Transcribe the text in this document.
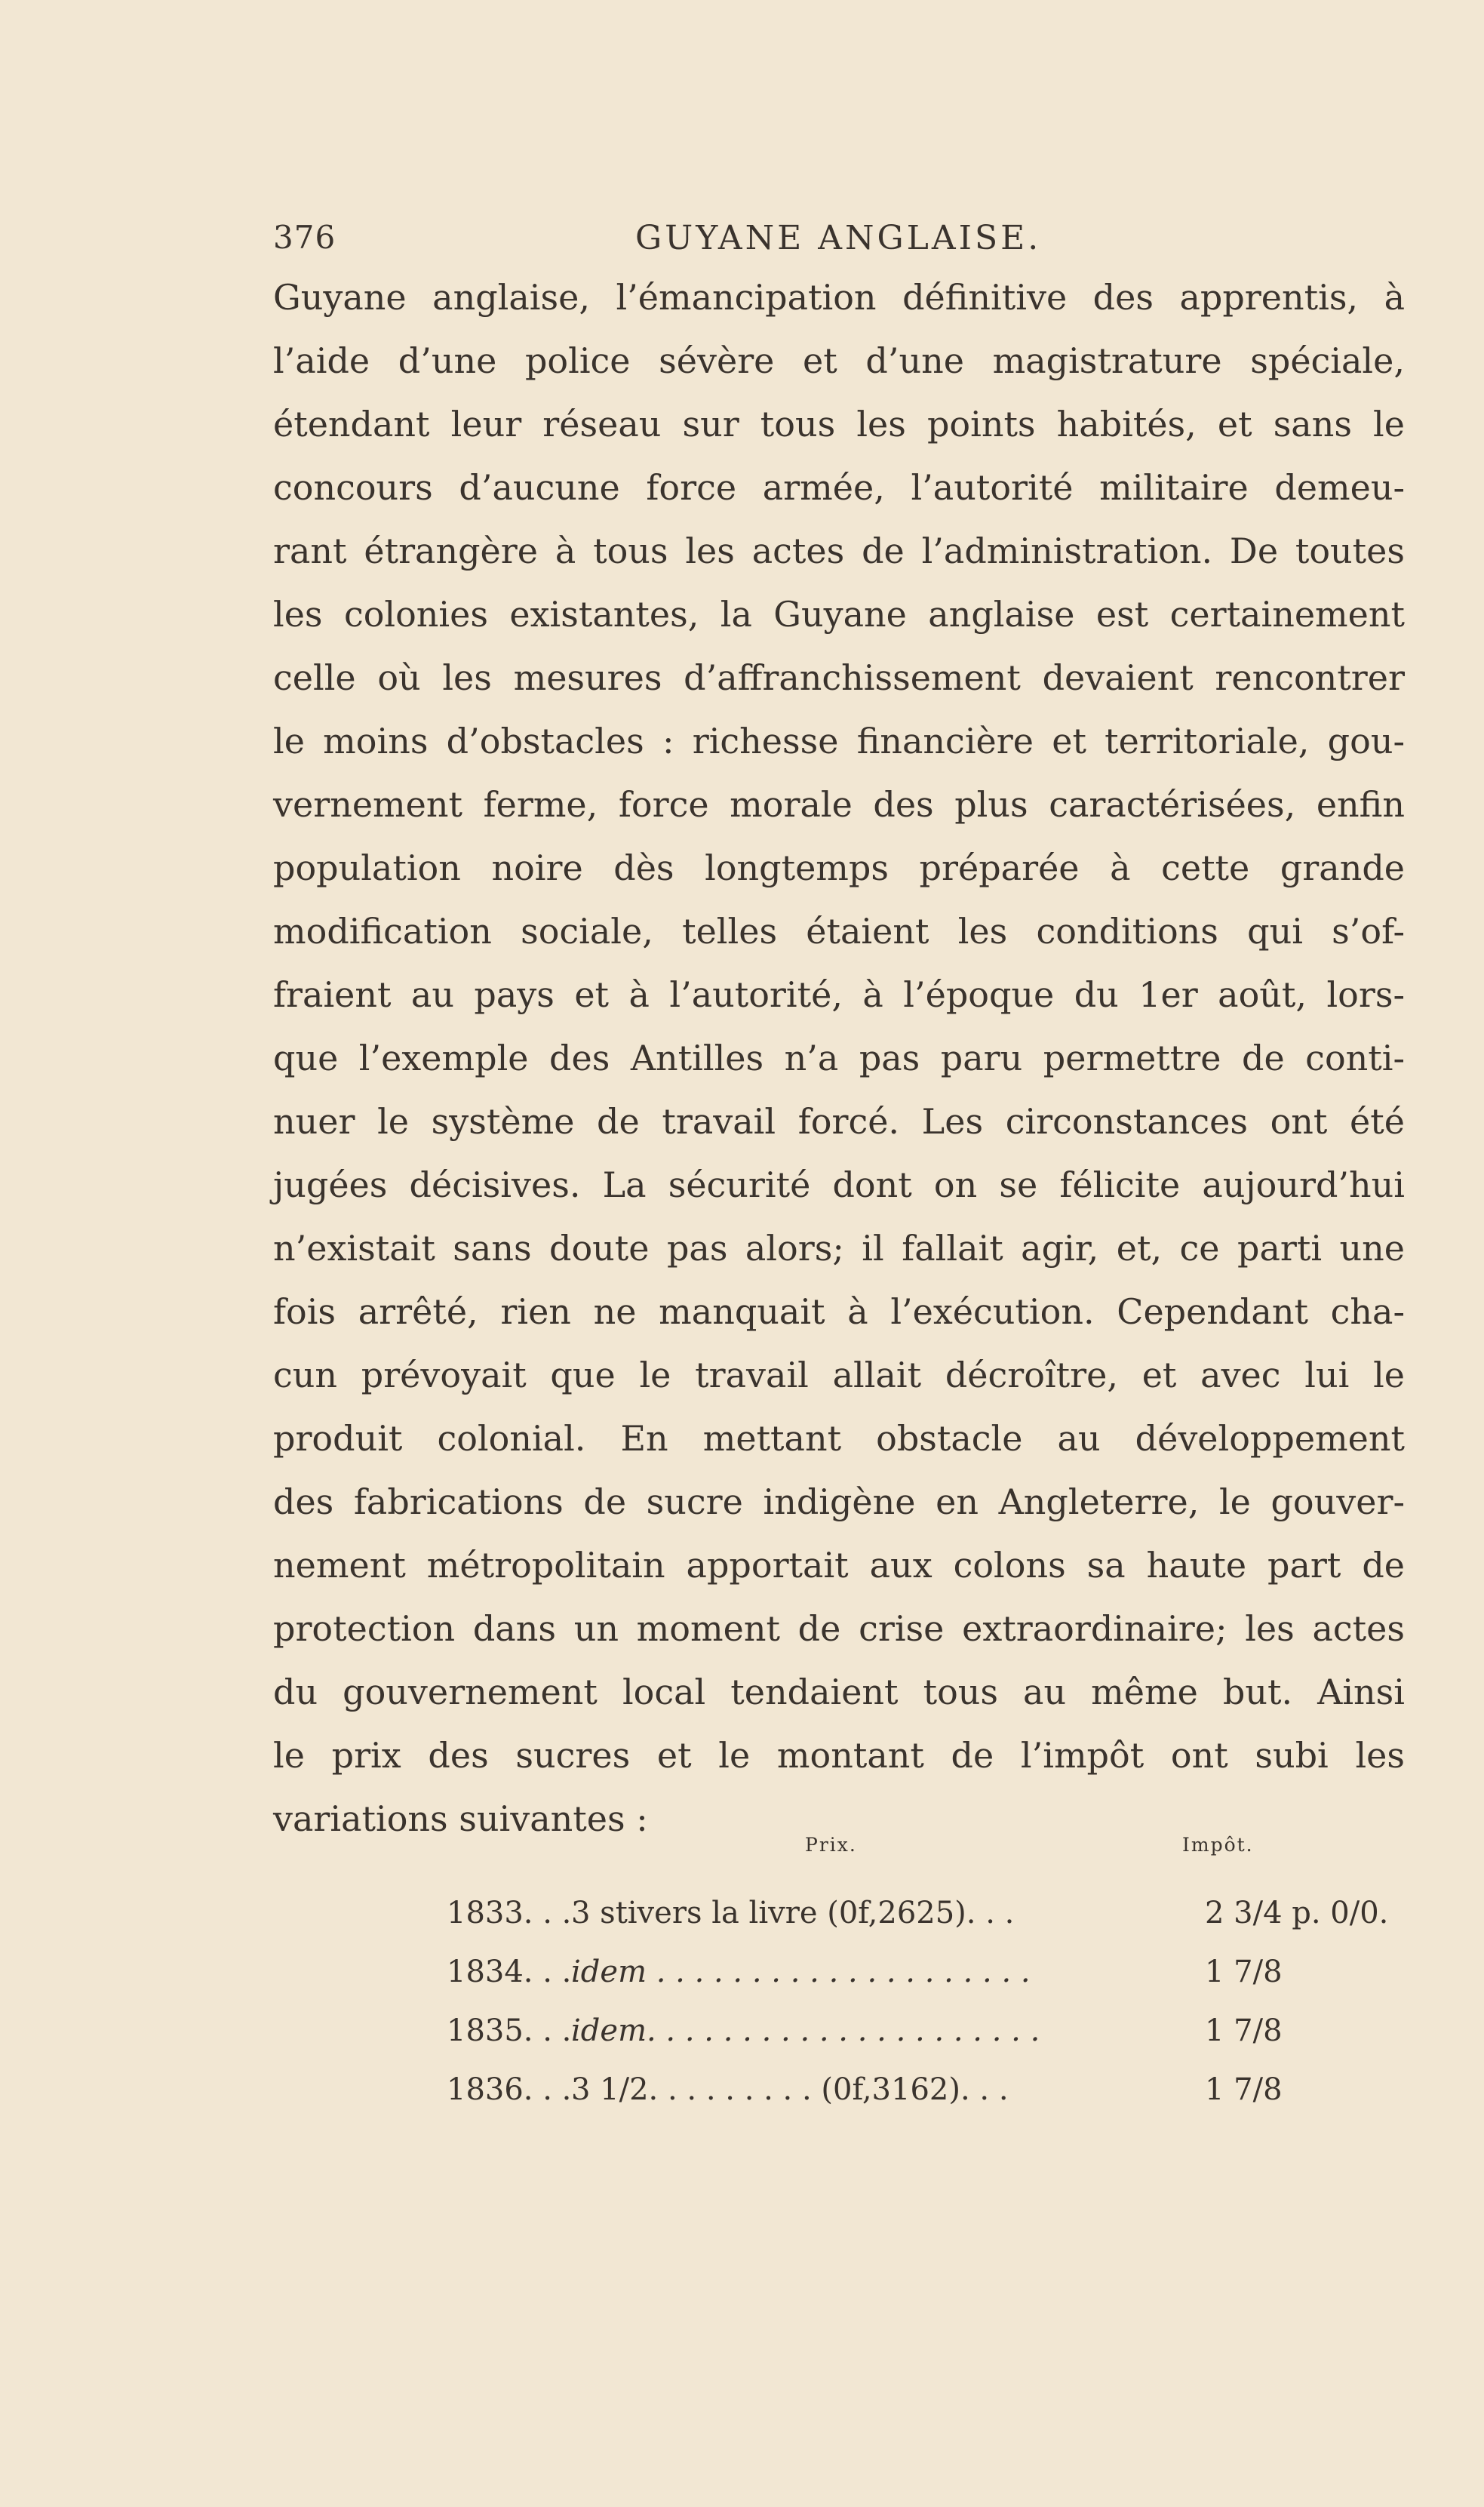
376	GUYANE ANGLAISE.
Guyane anglaise, l’émancipation définitive des apprentis, à
l’aide d’une police sévère et d’une magistrature spéciale,
étendant leur réseau sur tous les points habités, et sans le
concours d’aucune force armée, l’autorité militaire demeu-
rant étrangère à tous les actes de l’administration. De toutes
les colonies existantes, la Guyane anglaise est certainement
celle où les mesures d’affranchissement devaient rencontrer
le moins d’obstacles : richesse financière et territoriale, gou-
vernement ferme, force morale des plus caractérisées, enfin
population noire dès longtemps préparée à cette grande
modification sociale, telles étaient les conditions qui s’of-
fraient au pays et à l’autorité, à l’époque du 1er août, lors-
que l’exemple des Antilles n’a pas paru permettre de conti-
nuer le système de travail forcé. Les circonstances ont été
jugées décisives. La sécurité dont on se félicite aujourd’hui
n’existait sans doute pas alors; il fallait agir, et, ce parti une
fois arrêté, rien ne manquait à l’exécution. Cependant cha-
cun prévoyait que le travail allait décroître, et avec lui le
produit colonial. En mettant obstacle au développement
des fabrications de sucre indigène en Angleterre, le gouver-
nement métropolitain apportait aux colons sa haute part de
protection dans un moment de crise extraordinaire; les actes
du gouvernement local tendaient tous au même but. Ainsi
le prix des sucres et le montant de l’impôt ont subi les
variations suivantes :
Prix.	Impôt.
1833. . . 3 stivers la livre (0f,2625). . .	2 3/4 p. 0/0.
1834. . . idem . . . . . . . . . . . . . . . . . . . .	1 7/8
1835. . . idem. . . . . . . . . . . . . . . . . . . . .	1 7/8
1836. . . 3 1/2. . . . . . . . . (0f,3162). . .	1 7/8
